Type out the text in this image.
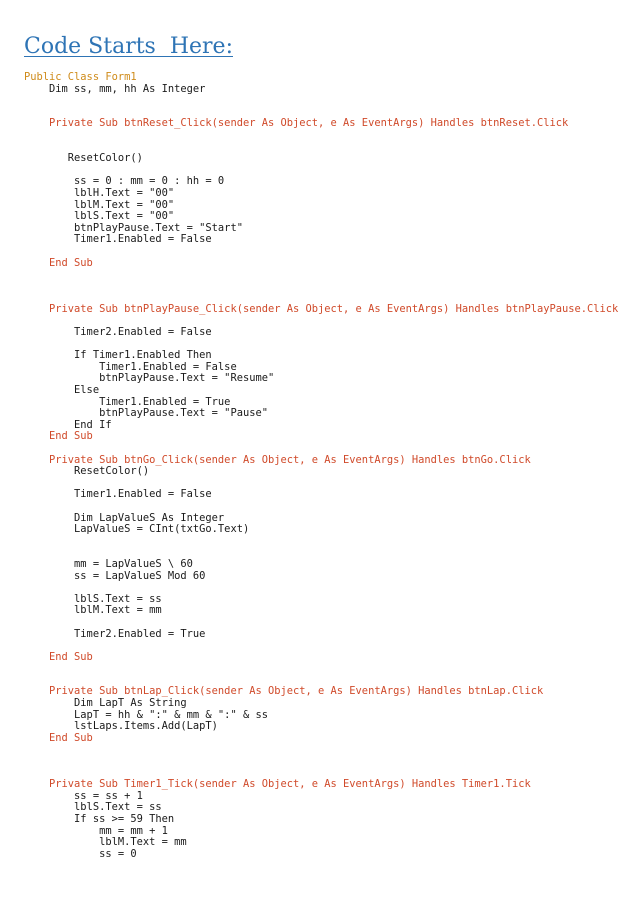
Code Starts  Here:
Public Class Form1
Dim ss, mm, hh As Integer
Private Sub btnReset_Click(sender As Object, e As EventArgs) Handles btnReset.Click
ResetColor()
ss = 0 : mm = 0 : hh = 0
lblH.Text = "00"
lblM.Text = "00"
lblS.Text = "00"
btnPlayPause.Text = "Start"
Timer1.Enabled = False
End Sub
Private Sub btnPlayPause_Click(sender As Object, e As EventArgs) Handles btnPlayPause.Click
Timer2.Enabled = False
If Timer1.Enabled Then
Timer1.Enabled = False
btnPlayPause.Text = "Resume"
Else
Timer1.Enabled = True
btnPlayPause.Text = "Pause"
End If
End Sub
Private Sub btnGo_Click(sender As Object, e As EventArgs) Handles btnGo.Click
ResetColor()
Timer1.Enabled = False
Dim LapValueS As Integer
LapValueS = CInt(txtGo.Text)
mm = LapValueS \ 60
ss = LapValueS Mod 60
lblS.Text = ss
lblM.Text = mm
Timer2.Enabled = True
End Sub
Private Sub btnLap_Click(sender As Object, e As EventArgs) Handles btnLap.Click
Dim LapT As String
LapT = hh & ":" & mm & ":" & ss
lstLaps.Items.Add(LapT)
End Sub
Private Sub Timer1_Tick(sender As Object, e As EventArgs) Handles Timer1.Tick
ss = ss + 1
lblS.Text = ss
If ss >= 59 Then
mm = mm + 1
lblM.Text = mm
ss = 0
